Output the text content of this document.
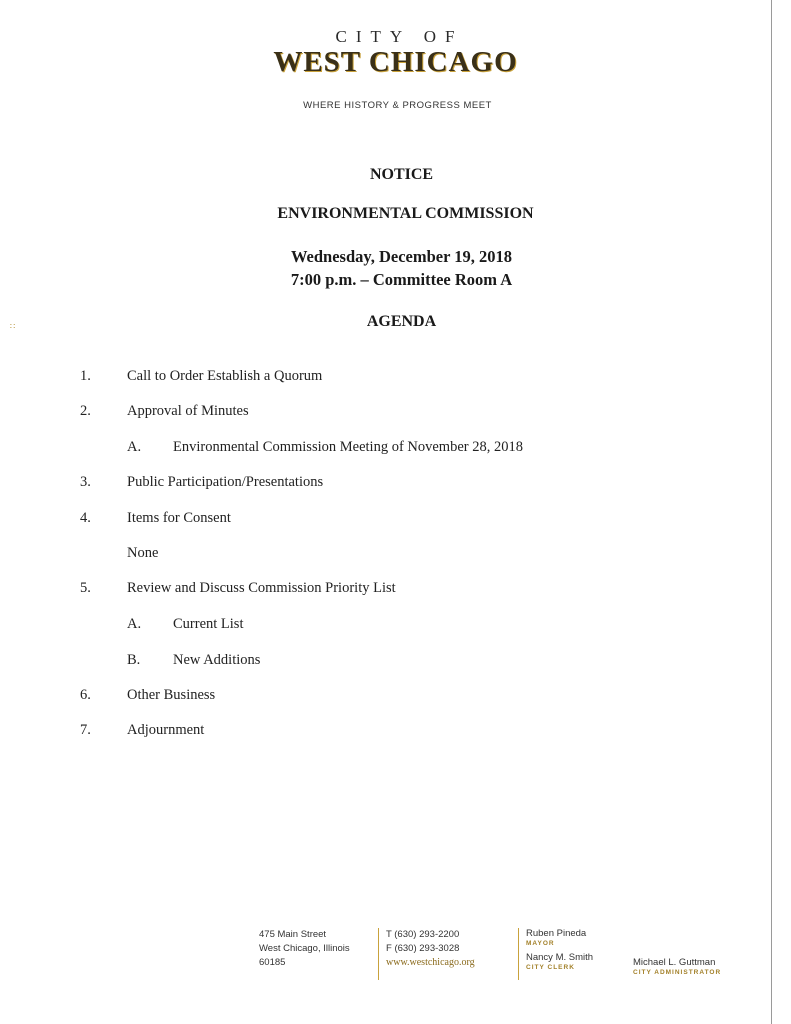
∷
CITY OF
WEST CHICAGO
WHERE HISTORY & PROGRESS MEET
NOTICE
ENVIRONMENTAL COMMISSION
Wednesday, December 19, 2018
7:00 p.m. – Committee Room A
AGENDA
1. Call to Order Establish a Quorum
2. Approval of Minutes
A. Environmental Commission Meeting of November 28, 2018
3. Public Participation/Presentations
4. Items for Consent
None
5. Review and Discuss Commission Priority List
A. Current List
B. New Additions
6. Other Business
7. Adjournment
475 Main Street
West Chicago, Illinois
60185
T (630) 293-2200
F (630) 293-3028
www.westchicago.org
Ruben Pineda
MAYOR
Nancy M. Smith
CITY CLERK	Michael L. Guttman
CITY ADMINISTRATOR
